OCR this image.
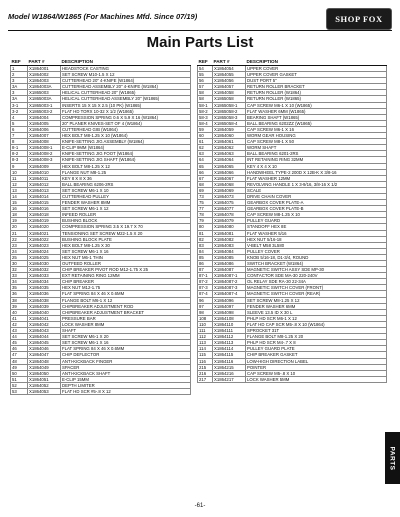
Model W1864/W1865 (For Machines Mfd. Since 07/19)	SHOP FOX
Main Parts List
REF	PART #	DESCRIPTION
1	X1864001	HEADSTOCK CASTING
2	X1864002	SET SCREW M10-1.5 X 12
3	X1864003	CUTTERHEAD 20" 4-KNIFE (W1864)
3A	X1864003A	CUTTERHEAD ASSEMBLY 20" 4-KNIFE (W1864)
3	X1865003	HELICAL CUTTERHEAD 20" (W1865)
3A	X1865003A	HELICAL CUTTERHEAD ASSEMBLY 20" (W1865)
3-1	X1865003-1	INSERTS 15 X 15 X 2.5 (10 PK) (W1865)
3-2	X1865003-2	FLAT HD TORX 10-32 X 1/2 (W1865)
4	X1864004	COMPRESSION SPRING 0.6 X 5.9 X 16 (W1864)
5	X1864005	20" PLANER KNIVES-SET OF 4 (W1864)
6	X1864006	CUTTERHEAD GIB (W1864)
7	X1864007	HEX BOLT M8-1.25 X 10 (W1864)
8	X1864008	KNIFE-SETTING JIG ASSEMBLY (W1864)
8-1	X1864008-1	E-CLIP 9MM (W1864)
8-2	X1864008-2	KNIFE-SETTING JIG FOOT (W1864)
8-3	X1864008-3	KNIFE-SETTING JIG SHAFT (W1864)
9	X1864009	HEX BOLT M8-1.25 X 12
10	X1864010	FLANGE NUT M8-1.25
11	X1864011	KEY 8 X 8 X 36
12	X1864012	BALL BEARING 6206-2RS
13	X1864013	SET SCREW M6-1 X 10
14	X1864014	CUTTERHEAD PULLEY
15	X1864015	FENDER WASHER 8MM
16	X1864016	SET SCREW M6-1 X 12
18	X1864018	INFEED ROLLER
19	X1864019	BUSHING BLOCK
20	X1864020	COMPRESSION SPRING 3.5 X 19.7 X 70
21	X1864021	TENSIONING SET SCREW M22-1.5 X 20
22	X1864022	BUSHING BLOCK PLATE
23	X1864023	HEX BOLT M8-1.25 X 30
24	X1864024	SET SCREW M6-1 X 16
25	X1864025	HEX NUT M6-1 THIN
30	X1864030	OUTFEED ROLLER
32	X1864032	CHIP BREAKER PIVOT ROD M12-1.75 X 25
33	X1864033	EXT RETAINING RING 12MM
34	X1864034	CHIP BREAKER
35	X1864035	HEX NUT M12-1.75
36	X1864036	FLAT SPRING 84 X 46 X 0.6MM
38	X1864038	FLANGE BOLT M6-1 X 12
39	X1864039	CHIPBREAKER ADJUSTMENT ROD
40	X1864040	CHIPBREAKER ADJUSTMENT BRACKET
41	X1864041	PRESSURE BAR
42	X1864042	LOCK WASHER 8MM
43	X1864043	SHAFT
44	X1864044	SET SCREW M6-1 X 20
45	X1864045	SET SCREW M6-1 X 16
46	X1864046	FLAT SPRING 84 X 46 X 0.6MM
47	X1864047	CHIP DEFLECTOR
48	X1864048	ANTI-KICKBACK FINGER
49	X1864049	SPACER
50	X1864050	ANTI-KICKBACK SHAFT
51	X1864051	E-CLIP 15MM
52	X1864052	DEPTH LIMITER
53	X1864053	FLAT HD SCR #5-.8 X 12
REF	PART #	DESCRIPTION
54	X1864054	UPPER COVER
55	X1864055	UPPER COVER GASKET
56	X1864056	DUST PORT 5"
57	X1864057	RETURN ROLLER BRACKET
58	X1864058	RETURN ROLLER (W1864)
58	X1865058	RETURN ROLLER (W1865)
58-1	X1865058-1	CAP SCREW M6-1 X 10 (W1865)
58-2	X1865058-2	FLAT WASHER 6MM (W1865)
58-3	X1865058-3	BEARING SHAFT (W1865)
58-4	X1865058-4	BALL BEARING 6202ZZ (W1865)
59	X1864059	CAP SCREW M6-1 X 16
60	X1864060	WORM GEAR HOUSING
61	X1864061	CAP SCREW M8-1 X 50
62	X1864062	WORM SHAFT
63	X1864063	BALL BEARING 6201-2RS
64	X1864064	INT RETAINING RING 32MM
65	X1864065	KEY 4 X 4 X 10
66	X1864066	HANDWHEEL TYPE-2 200D X 12B-K X 3/8-16
67	X1864067	FLAT WASHER 12MM
68	X1864068	REVOLVING HANDLE 1 X 3-9/16, 3/8-16 X 1/2
69	X1864069	SCALE
73	X1864073	DRIVE CHAIN COVER
75	X1864075	GEARBOX COVER PLATE-A
77	X1864077	GEARBOX COVER PLATE-B
78	X1864078	CAP SCREW M8-1.25 X 10
79	X1864079	PULLEY GUARD
80	X1864080	STANDOFF HEX 8E
81	X1864081	FLAT WASHER 5/16
82	X1864082	HEX NUT 5/16-18
83	X1864083	V-BELT M58 3L580
84	X1864084	PULLEY COVER
85	X1864085	KNOB 5/16-18, D1-3/4, ROUND
86	X1864086	SWITCH BRACKET (W1864)
87	X1864087	MAGNETIC SWITCH ASSY SDE MP-30
87-1	X1864087-1	CONTACTOR SDE MA-30 220-240V
87-2	X1864087-2	OL RELAY SDE RA-30 22-34A
87-3	X1864087-3	MAGNETIC SWITCH COVER (FRONT)
87-4	X1864087-4	MAGNETIC SWITCH COVER (REAR)
96	X1864096	SET SCREW M8-1.25 X 12
97	X1864097	FENDER WASHER 6MM
98	X1864098	SLEEVE 13.5 ID X 30 L
108	X1864108	PHLP HD SCR M6-1 X 12
110	X1864110	FLAT HD CAP SCR M5-.8 X 10 (W1864)
111	X1864111	SPROCKET 31T
112	X1864112	FLANGE BOLT M8-1.25 X 20
113	X1864113	PHLP HD SCR M4-.7 X 8
114	X1864114	PULLEY GUARD PLATE
115	X1864115	CHIP BREAKER GASKET
116	X1864116	LOW-HIGH DIRECTION LABEL
215	X1864215	POINTER
216	X1864216	CAP SCREW M5-.8 X 10
217	X1864217	LOCK WASHER 5MM
PARTS
-61-
